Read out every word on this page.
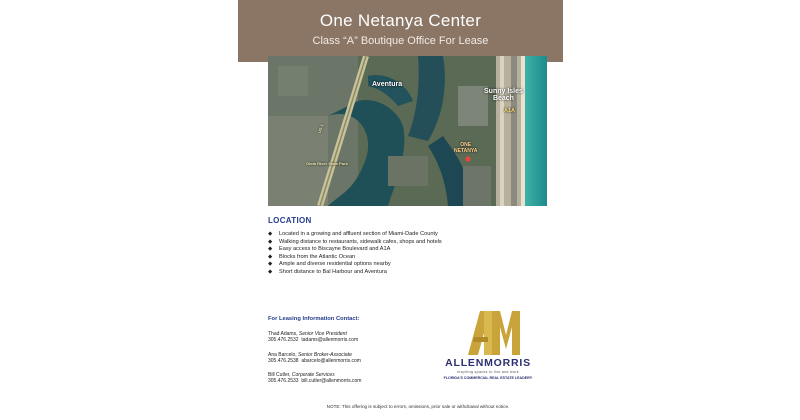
One Netanya Center
Class “A” Boutique Office For Lease
Aventura
Sunny Isles
Beach
A1A
ONE
NETANYA
Oleta River State Park
US-1
LOCATION
◆ Located in a growing and affluent section of Miami-Dade County
◆ Walking distance to restaurants, sidewalk cafes, shops and hotels
◆ Easy access to Biscayne Boulevard and A1A
◆ Blocks from the Atlantic Ocean
◆ Ample and diverse residential options nearby
◆ Short distance to Bal Harbour and Aventura
For Leasing Information Contact:
Thad Adams, Senior Vice President
305.476.2532 tadams@allenmorris.com
Ana Barcelo, Senior Broker-Associate
305.476.2538 abarcelo@allenmorris.com
Bill Cutler, Corporate Services
305.476.2533 bill.cutler@allenmorris.com
ALLENMORRIS
inspiring spaces to live and work
FLORIDA'S COMMERCIAL REAL ESTATE LEADER®
NOTE: This offering is subject to errors, omissions, prior sale or withdrawal without notice.
